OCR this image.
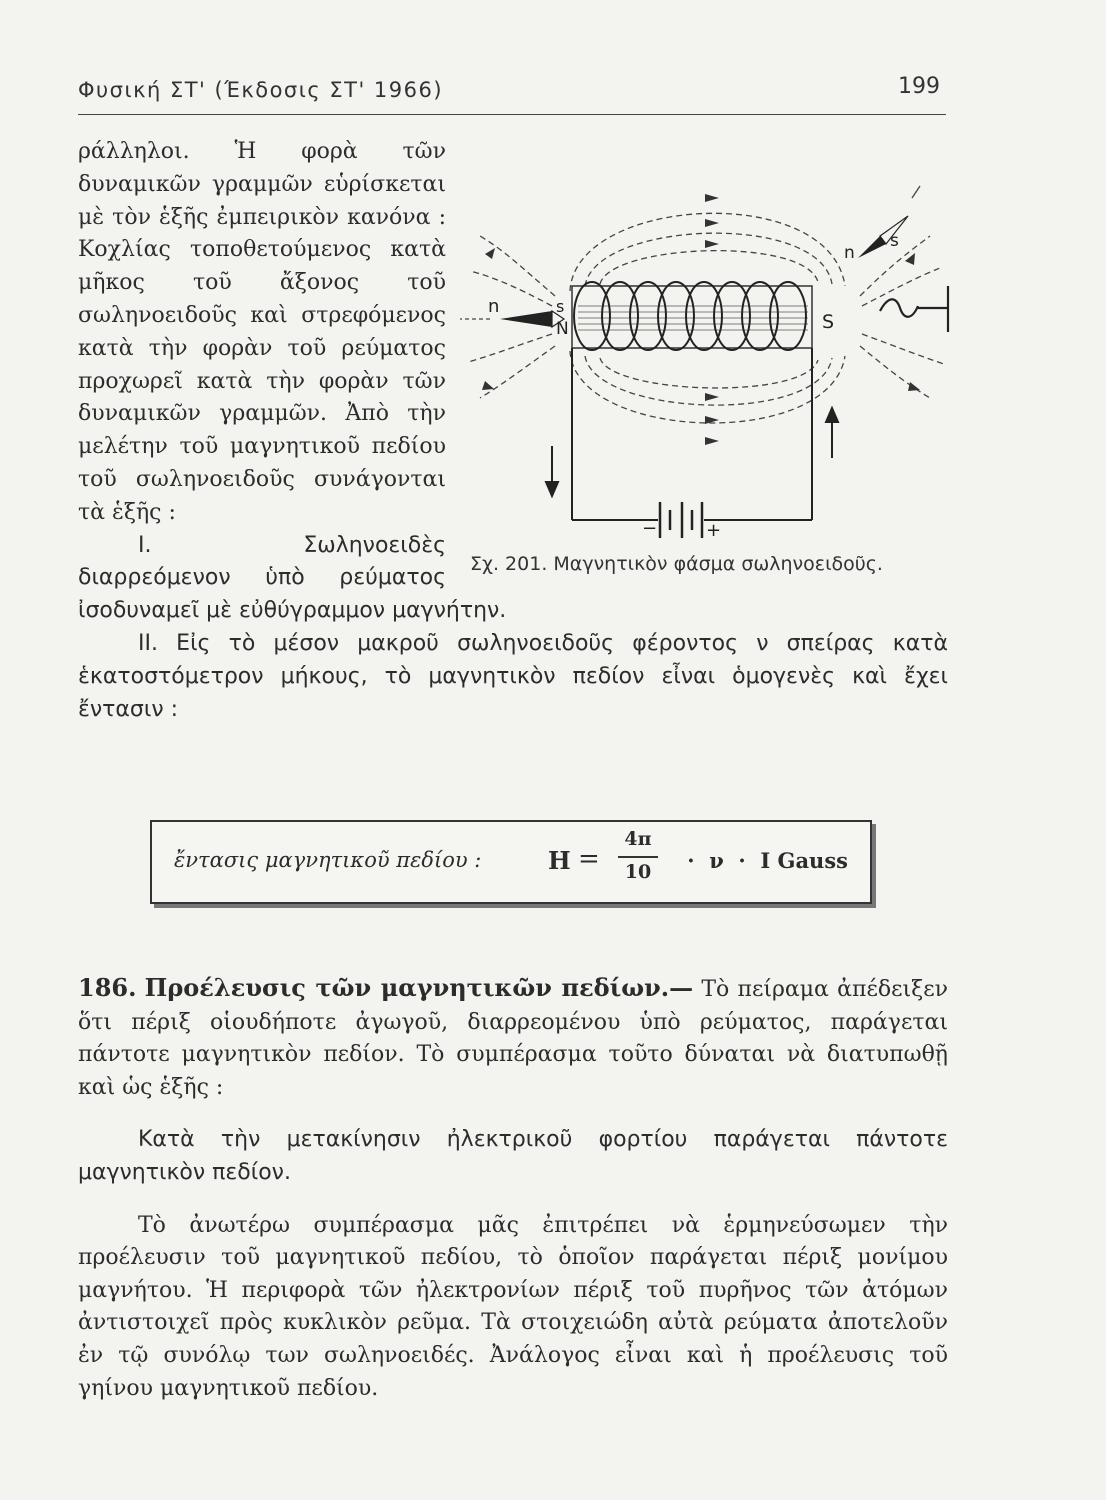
Φυσική ΣΤ' (Έκδοσις ΣΤ' 1966)	199
−	+
n	s
N	S
n
s
Σχ. 201. Μαγνητικὸν φάσμα σωληνοειδοῦς.

ράλληλοι. Ἡ φορὰ τῶν δυναμικῶν γραμμῶν εὑρίσκεται μὲ τὸν ἑξῆς ἐμπειρικὸν κανόνα : Κοχλίας τοποθετούμενος κατὰ μῆκος τοῦ ἄξονος τοῦ σωληνοειδοῦς καὶ στρεφόμενος κατὰ τὴν φορὰν τοῦ ρεύματος προχωρεῖ κατὰ τὴν φορὰν τῶν δυναμικῶν γραμμῶν. Ἀπὸ τὴν μελέτην τοῦ μαγνητικοῦ πεδίου τοῦ σωληνοειδοῦς συνάγονται τὰ ἑξῆς :

I. Σωληνοειδὲς διαρρεόμενον ὑπὸ ρεύματος ἰσοδυναμεῖ μὲ εὐθύγραμμον μαγνήτην.

II. Εἰς τὸ μέσον μακροῦ σωληνοειδοῦς φέροντος ν σπείρας κατὰ ἑκατοστόμετρον μήκους, τὸ μαγνητικὸν πεδίον εἶναι ὁμογενὲς καὶ ἔχει ἔντασιν :

ἔντασις μαγνητικοῦ πεδίου :	H =
4π
10	·  ν  ·  I Gauss

186. Προέλευσις τῶν μαγνητικῶν πεδίων.— Τὸ πείραμα ἀπέδειξεν ὅτι πέριξ οἱουδήποτε ἀγωγοῦ, διαρρεομένου ὑπὸ ρεύματος, παράγεται πάντοτε μαγνητικὸν πεδίον. Τὸ συμπέρασμα τοῦτο δύναται νὰ διατυπωθῇ καὶ ὡς ἑξῆς :

Κατὰ τὴν μετακίνησιν ἠλεκτρικοῦ φορτίου παράγεται πάντοτε μαγνητικὸν πεδίον.

Τὸ ἀνωτέρω συμπέρασμα μᾶς ἐπιτρέπει νὰ ἑρμηνεύσωμεν τὴν προέλευσιν τοῦ μαγνητικοῦ πεδίου, τὸ ὁποῖον παράγεται πέριξ μονίμου μαγνήτου. Ἡ περιφορὰ τῶν ἠλεκτρονίων πέριξ τοῦ πυρῆνος τῶν ἀτόμων ἀντιστοιχεῖ πρὸς κυκλικὸν ρεῦμα. Τὰ στοιχειώδη αὐτὰ ρεύματα ἀποτελοῦν ἐν τῷ συνόλῳ των σωληνοειδές. Ἀνάλογος εἶναι καὶ ἡ προέλευσις τοῦ γηίνου μαγνητικοῦ πεδίου.
